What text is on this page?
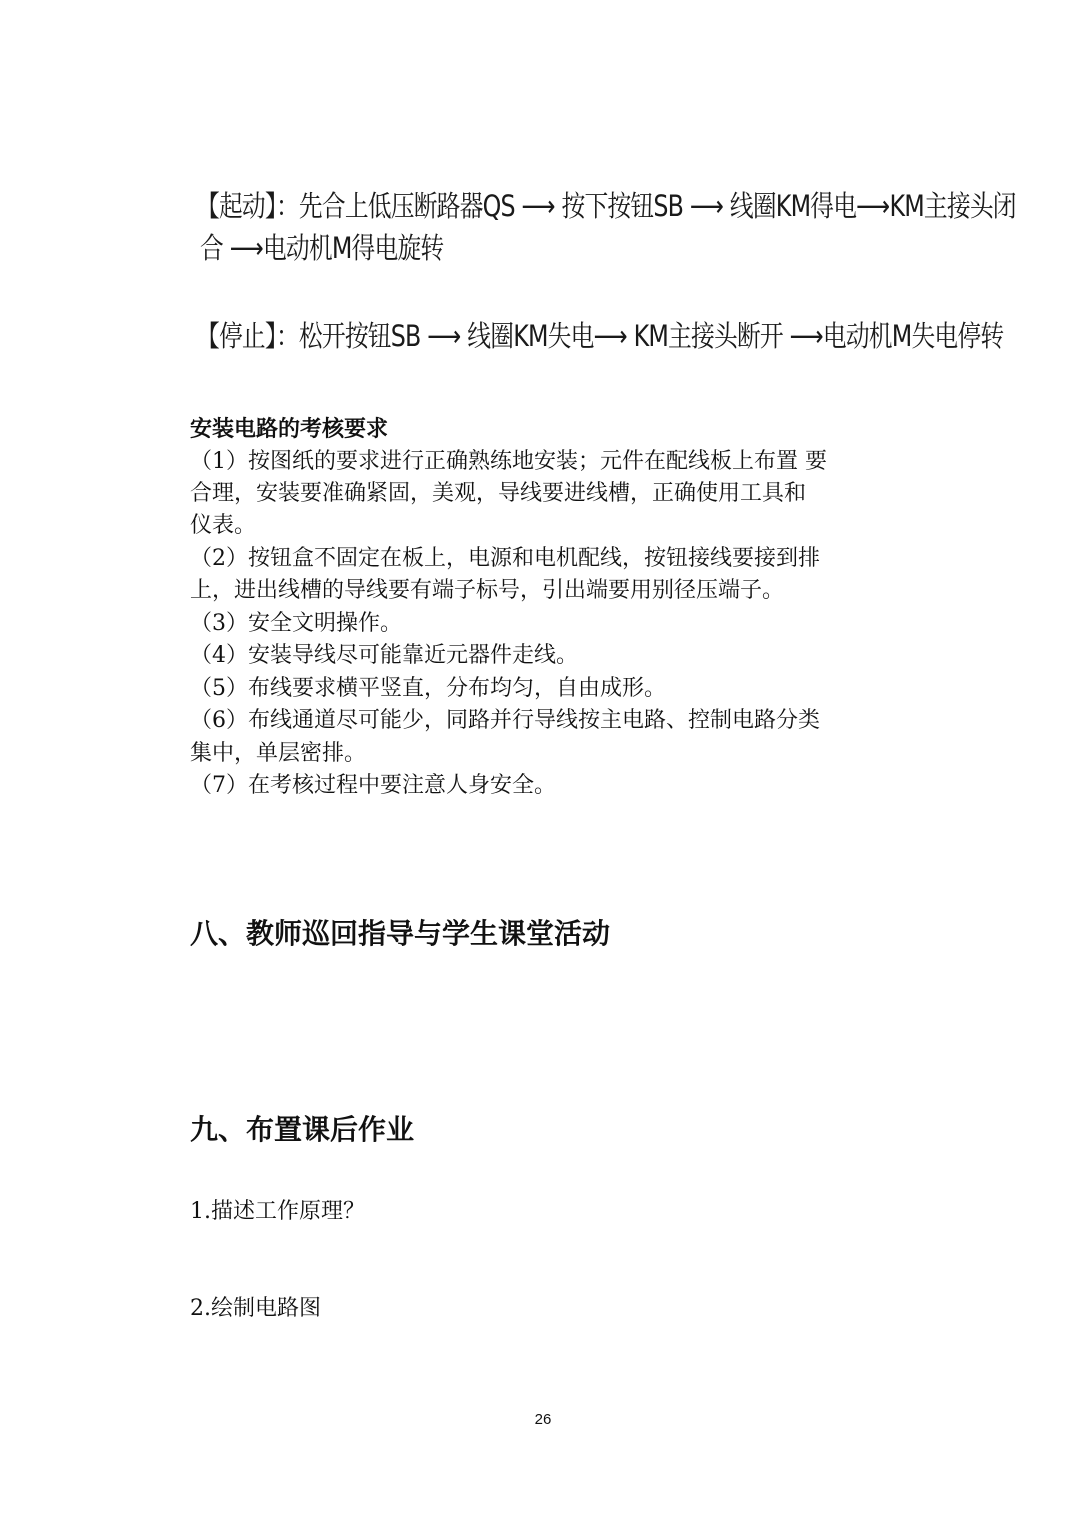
【起动】：先合上低压断路器QS ⟶ 按下按钮SB ⟶ 线圈KM得电⟶KM主接头闭
合 ⟶电动机M得电旋转
【停止】：松开按钮SB ⟶ 线圈KM失电⟶ KM主接头断开 ⟶电动机M失电停转
安装电路的考核要求
（1）按图纸的要求进行正确熟练地安装；元件在配线板上布置 要
合理，安装要准确紧固，美观，导线要进线槽，正确使用工具和
仪表。
（2）按钮盒不固定在板上，电源和电机配线，按钮接线要接到排
上，进出线槽的导线要有端子标号，引出端要用别径压端子。
（3）安全文明操作。
（4）安装导线尽可能靠近元器件走线。
（5）布线要求横平竖直，分布均匀，自由成形。
（6）布线通道尽可能少，同路并行导线按主电路、控制电路分类
集中，单层密排。
（7）在考核过程中要注意人身安全。
八、教师巡回指导与学生课堂活动
九、布置课后作业
1.描述工作原理？
2.绘制电路图
26
